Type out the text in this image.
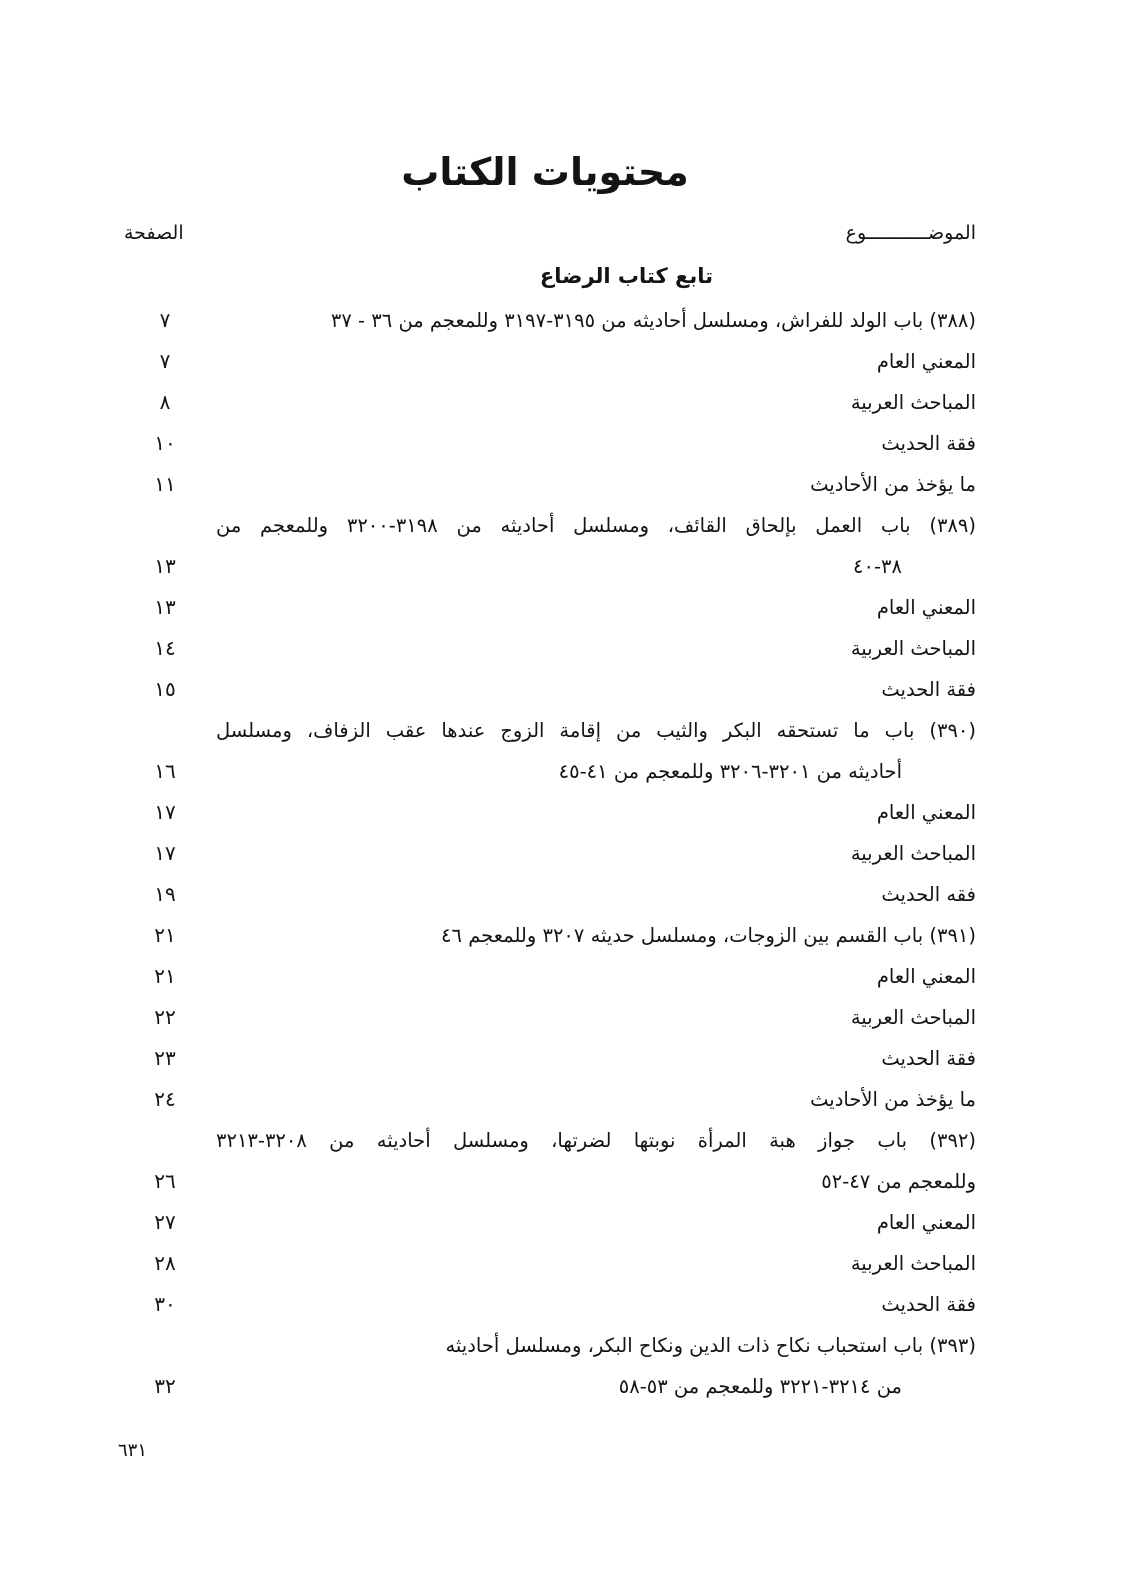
محتويات الكتاب
الموضـــــــــــوع
الصفحة
تابع كتاب الرضاع
(٣٨٨) باب الولد للفراش، ومسلسل أحاديثه من ٣١٩٥-٣١٩٧ وللمعجم من ٣٦ - ٣٧
٧
المعني العام
٧
المباحث العربية
٨
فقة الحديث
١٠
ما يؤخذ من الأحاديث
١١
(٣٨٩) باب العمل بإلحاق القائف، ومسلسل أحاديثه من ٣١٩٨-٣٢٠٠ وللمعجم من
٣٨-٤٠
١٣
المعني العام
١٣
المباحث العربية
١٤
فقة الحديث
١٥
(٣٩٠) باب ما تستحقه البكر والثيب من إقامة الزوج عندها عقب الزفاف، ومسلسل
أحاديثه من ٣٢٠١-٣٢٠٦ وللمعجم من ٤١-٤٥
١٦
المعني العام
١٧
المباحث العربية
١٧
فقه الحديث
١٩
(٣٩١) باب القسم بين الزوجات، ومسلسل حديثه ٣٢٠٧ وللمعجم ٤٦
٢١
المعني العام
٢١
المباحث العربية
٢٢
فقة الحديث
٢٣
ما يؤخذ من الأحاديث
٢٤
(٣٩٢) باب جواز هبة المرأة نوبتها لضرتها، ومسلسل أحاديثه من ٣٢٠٨-٣٢١٣
وللمعجم من ٤٧-٥٢
٢٦
المعني العام
٢٧
المباحث العربية
٢٨
فقة الحديث
٣٠
(٣٩٣) باب استحباب نكاح ذات الدين ونكاح البكر، ومسلسل أحاديثه
من ٣٢١٤-٣٢٢١ وللمعجم من ٥٣-٥٨
٣٢
٦٣١
